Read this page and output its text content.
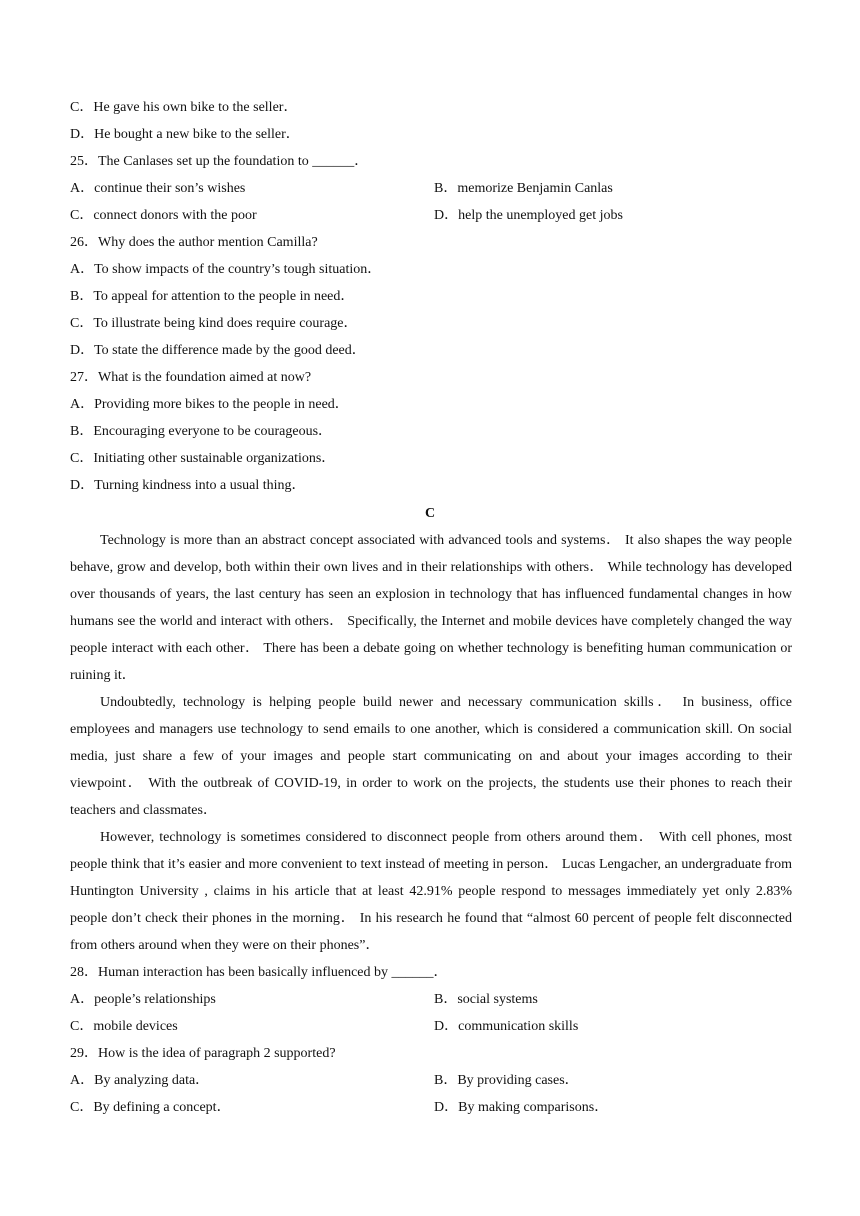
C．He gave his own bike to the seller．
D．He bought a new bike to the seller．
25．The Canlases set up the foundation to ______．
A．continue their son’s wishes	B．memorize Benjamin Canlas
C．connect donors with the poor	D．help the unemployed get jobs
26．Why does the author mention Camilla?
A．To show impacts of the country’s tough situation．
B．To appeal for attention to the people in need．
C．To illustrate being kind does require courage．
D．To state the difference made by the good deed．
27．What is the foundation aimed at now?
A．Providing more bikes to the people in need．
B．Encouraging everyone to be courageous．
C．Initiating other sustainable organizations．
D．Turning kindness into a usual thing．
C

Technology is more than an abstract concept associated with advanced tools and systems． It also shapes the way people behave, grow and develop, both within their own lives and in their relationships with others． While technology has developed over thousands of years, the last century has seen an explosion in technology that has influenced fundamental changes in how humans see the world and interact with others． Specifically, the Internet and mobile devices have completely changed the way people interact with each other． There has been a debate going on whether technology is benefiting human communication or ruining it．

Undoubtedly, technology is helping people build newer and necessary communication skills． In business, office employees and managers use technology to send emails to one another, which is considered a communication skill. On social media, just share a few of your images and people start communicating on and about your images according to their viewpoint． With the outbreak of COVID-19, in order to work on the projects, the students use their phones to reach their teachers and classmates．

However, technology is sometimes considered to disconnect people from others around them． With cell phones, most people think that it’s easier and more convenient to text instead of meeting in person． Lucas Lengacher, an undergraduate from Huntington University , claims in his article that at least 42.91% people respond to messages immediately yet only 2.83% people don’t check their phones in the morning． In his research he found that “almost 60 percent of people felt disconnected from others around when they were on their phones”．

28．Human interaction has been basically influenced by ______．
A．people’s relationships	B．social systems
C．mobile devices	D．communication skills
29．How is the idea of paragraph 2 supported?
A．By analyzing data．	B．By providing cases．
C．By defining a concept．	D．By making comparisons．
